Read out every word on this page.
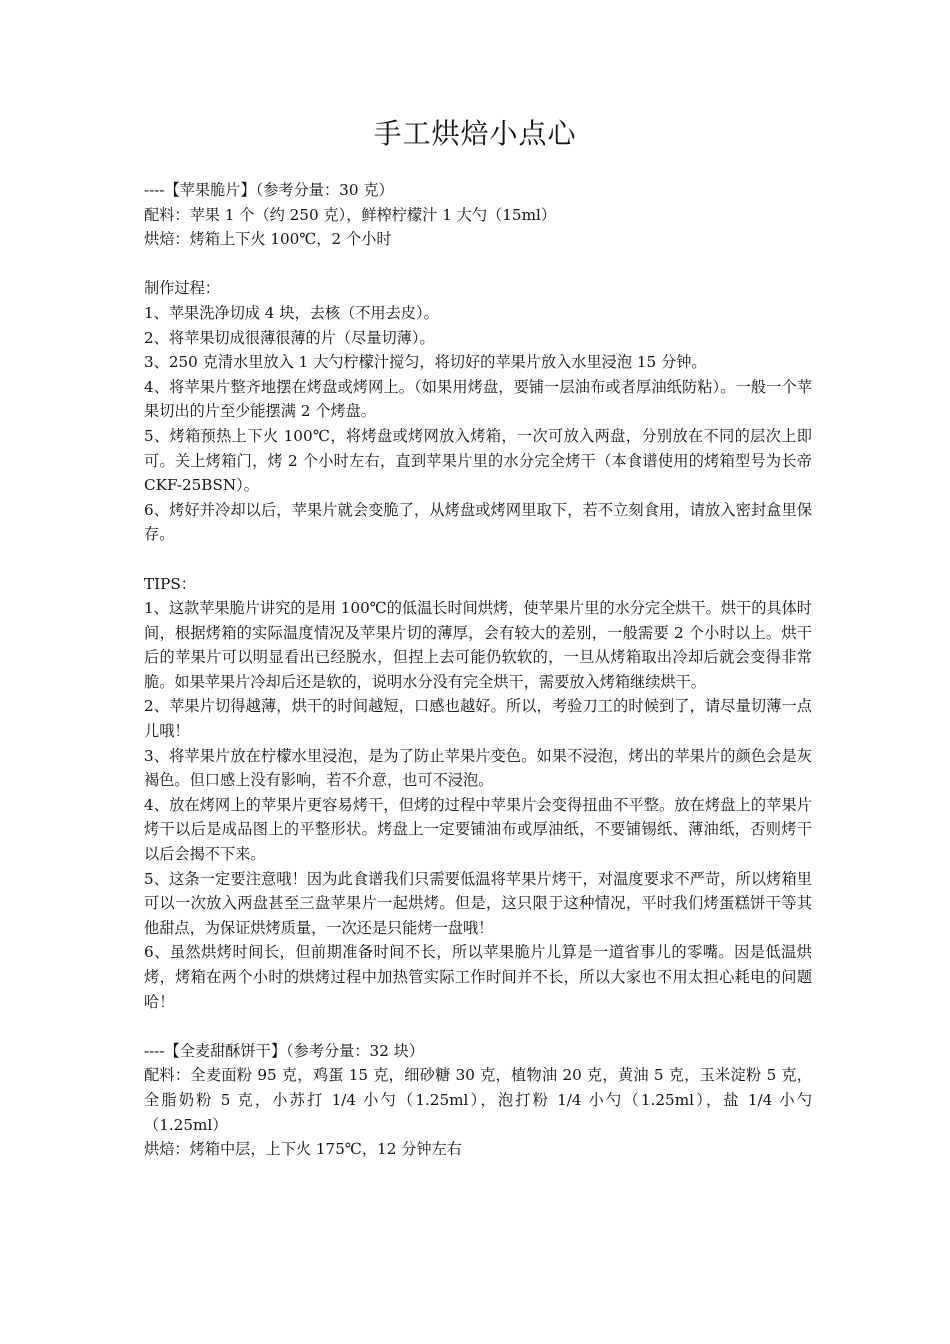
手工烘焙小点心

----【苹果脆片】（参考分量：30 克）

配料：苹果 1 个（约 250 克），鲜榨柠檬汁 1 大勺（15ml）

烘焙：烤箱上下火 100℃，2 个小时

制作过程：

1、苹果洗净切成 4 块，去核（不用去皮）。

2、将苹果切成很薄很薄的片（尽量切薄）。

3、250 克清水里放入 1 大勺柠檬汁搅匀，将切好的苹果片放入水里浸泡 15 分钟。

4、将苹果片整齐地摆在烤盘或烤网上。（如果用烤盘，要铺一层油布或者厚油纸防粘）。一般一个苹果切出的片至少能摆满 2 个烤盘。

5、烤箱预热上下火 100℃，将烤盘或烤网放入烤箱，一次可放入两盘，分别放在不同的层次上即可。关上烤箱门，烤 2 个小时左右，直到苹果片里的水分完全烤干（本食谱使用的烤箱型号为长帝 CKF-25BSN）。

6、烤好并冷却以后，苹果片就会变脆了，从烤盘或烤网里取下，若不立刻食用，请放入密封盒里保存。

TIPS：

1、这款苹果脆片讲究的是用 100℃的低温长时间烘烤，使苹果片里的水分完全烘干。烘干的具体时间，根据烤箱的实际温度情况及苹果片切的薄厚，会有较大的差别，一般需要 2 个小时以上。烘干后的苹果片可以明显看出已经脱水，但捏上去可能仍软软的，一旦从烤箱取出冷却后就会变得非常脆。如果苹果片冷却后还是软的，说明水分没有完全烘干，需要放入烤箱继续烘干。

2、苹果片切得越薄，烘干的时间越短，口感也越好。所以，考验刀工的时候到了，请尽量切薄一点儿哦！

3、将苹果片放在柠檬水里浸泡，是为了防止苹果片变色。如果不浸泡，烤出的苹果片的颜色会是灰褐色。但口感上没有影响，若不介意，也可不浸泡。

4、放在烤网上的苹果片更容易烤干，但烤的过程中苹果片会变得扭曲不平整。放在烤盘上的苹果片烤干以后是成品图上的平整形状。烤盘上一定要铺油布或厚油纸，不要铺锡纸、薄油纸，否则烤干以后会揭不下来。

5、这条一定要注意哦！因为此食谱我们只需要低温将苹果片烤干，对温度要求不严苛，所以烤箱里可以一次放入两盘甚至三盘苹果片一起烘烤。但是，这只限于这种情况，平时我们烤蛋糕饼干等其他甜点，为保证烘烤质量，一次还是只能烤一盘哦！

6、虽然烘烤时间长，但前期准备时间不长，所以苹果脆片儿算是一道省事儿的零嘴。因是低温烘烤，烤箱在两个小时的烘烤过程中加热管实际工作时间并不长，所以大家也不用太担心耗电的问题哈！

----【全麦甜酥饼干】（参考分量：32 块）

配料：全麦面粉 95 克，鸡蛋 15 克，细砂糖 30 克，植物油 20 克，黄油 5 克，玉米淀粉 5 克，全脂奶粉 5 克，小苏打 1/4 小勺（1.25ml），泡打粉 1/4 小勺（1.25ml），盐 1/4 小勺（1.25ml）

烘焙：烤箱中层，上下火 175℃，12 分钟左右
